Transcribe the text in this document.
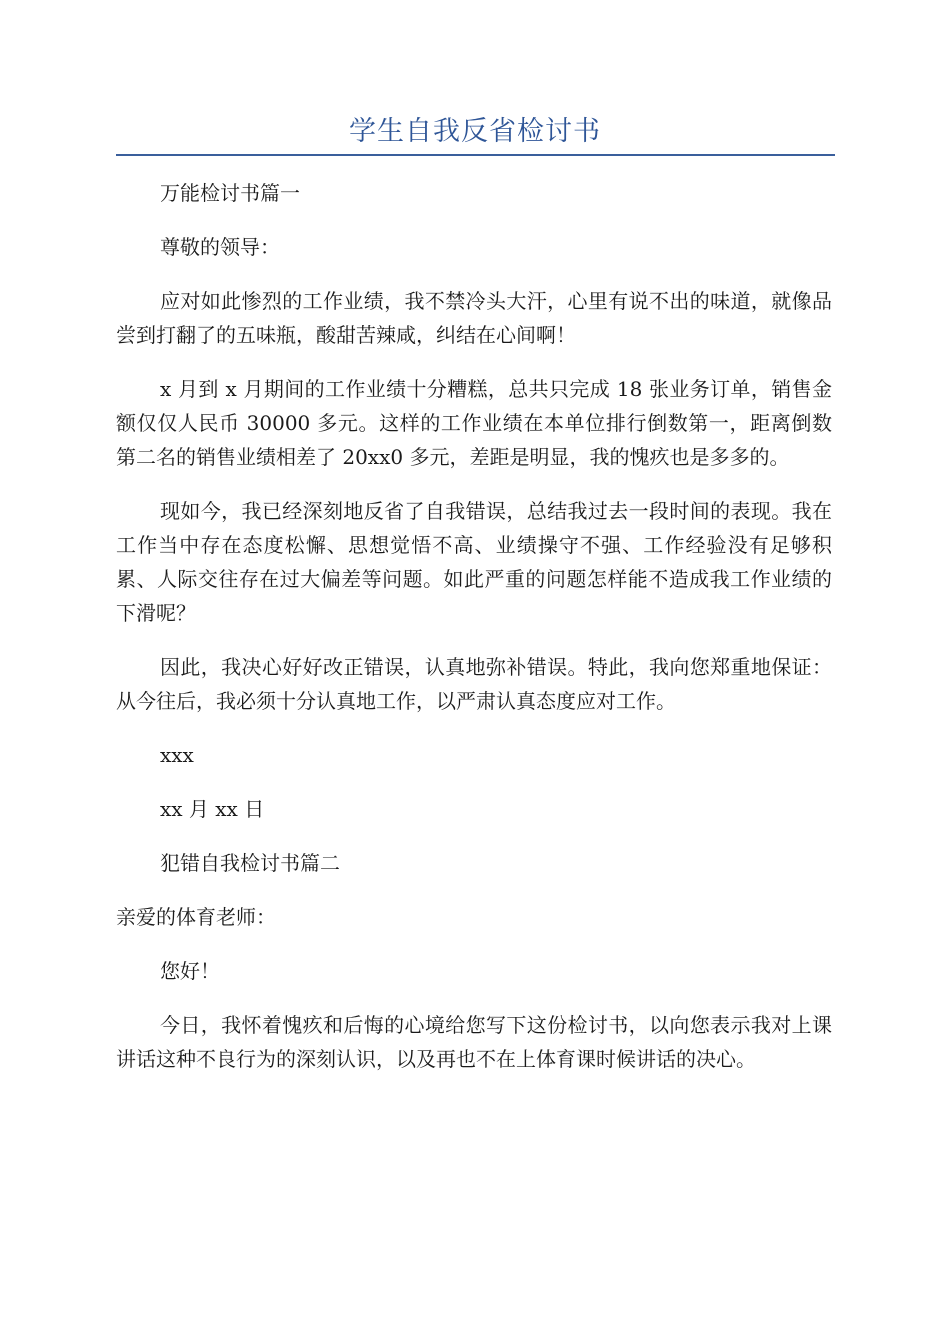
学生自我反省检讨书

万能检讨书篇一

尊敬的领导：

应对如此惨烈的工作业绩，我不禁冷头大汗，心里有说不出的味道，就像品尝到打翻了的五味瓶，酸甜苦辣咸，纠结在心间啊！

x 月到 x 月期间的工作业绩十分糟糕，总共只完成 18 张业务订单，销售金额仅仅人民币 30000 多元。这样的工作业绩在本单位排行倒数第一，距离倒数第二名的销售业绩相差了 20xx0 多元，差距是明显，我的愧疚也是多多的。

现如今，我已经深刻地反省了自我错误，总结我过去一段时间的表现。我在工作当中存在态度松懈、思想觉悟不高、业绩操守不强、工作经验没有足够积累、人际交往存在过大偏差等问题。如此严重的问题怎样能不造成我工作业绩的下滑呢？

因此，我决心好好改正错误，认真地弥补错误。特此，我向您郑重地保证：从今往后，我必须十分认真地工作，以严肃认真态度应对工作。

xxx

xx 月 xx 日

犯错自我检讨书篇二

亲爱的体育老师：

您好！

今日，我怀着愧疚和后悔的心境给您写下这份检讨书，以向您表示我对上课讲话这种不良行为的深刻认识，以及再也不在上体育课时候讲话的决心。
